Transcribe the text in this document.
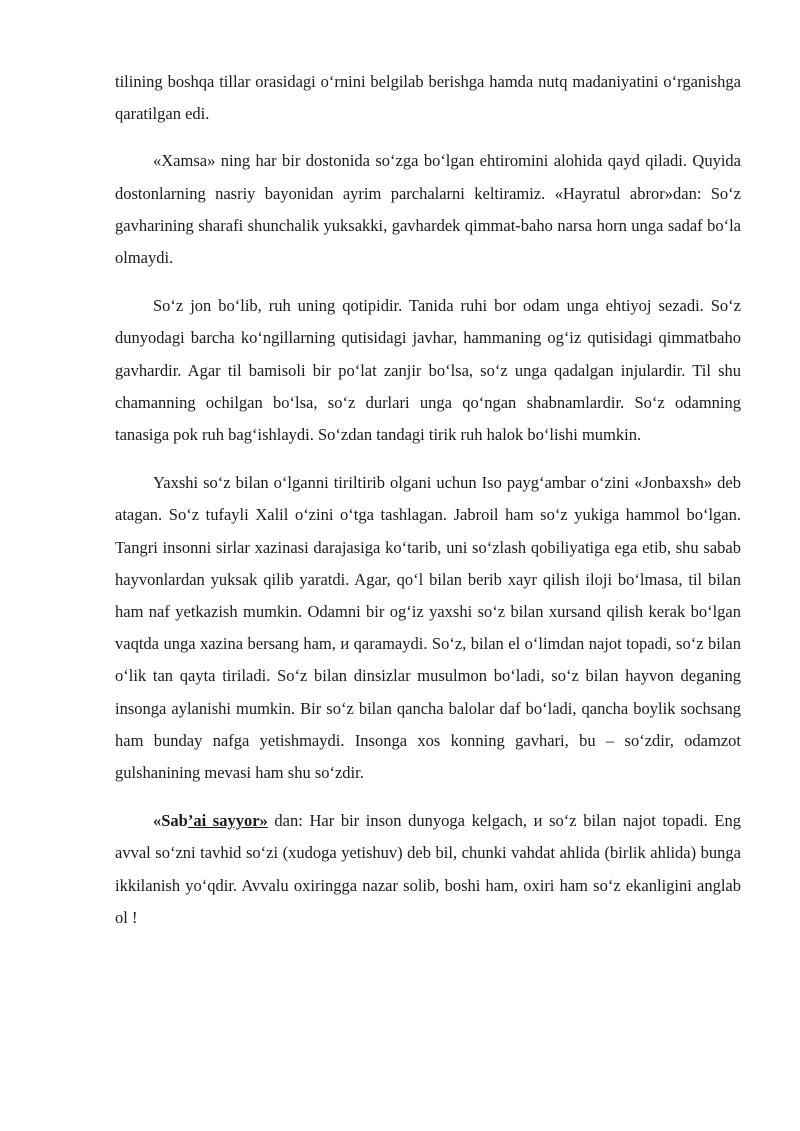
tilining boshqa tillar orasidagi o‘rnini belgilab berishga hamda nutq madaniyatini o‘rganishga qaratilgan edi.

«Xamsa» ning har bir dostonida so‘zga bo‘lgan ehtiromini alohida qayd qiladi. Quyida dostonlarning nasriy bayonidan ayrim parchalarni keltiramiz. «Hayratul abror»dan: So‘z gavharining sharafi shunchalik yuksakki, gavhardek qimmat-baho narsa horn unga sadaf bo‘la olmaydi.

So‘z jon bo‘lib, ruh uning qotipidir. Tanida ruhi bor odam unga ehtiyoj sezadi. So‘z dunyodagi barcha ko‘ngillarning qutisidagi javhar, hammaning og‘iz qutisidagi qimmatbaho gavhardir. Agar til bamisoli bir po‘lat zanjir bo‘lsa, so‘z unga qadalgan injulardir. Til shu chamanning ochilgan bo‘lsa, so‘z durlari unga qo‘ngan shabnamlardir. So‘z odamning tanasiga pok ruh bag‘ishlaydi. So‘zdan tandagi tirik ruh halok bo‘lishi mumkin.

Yaxshi so‘z bilan o‘lganni tiriltirib olgani uchun Iso payg‘ambar o‘zini «Jonbaxsh» deb atagan. So‘z tufayli Xalil o‘zini o‘tga tashlagan. Jabroil ham so‘z yukiga hammol bo‘lgan. Tangri insonni sirlar xazinasi darajasiga ko‘tarib, uni so‘zlash qobiliyatiga ega etib, shu sabab hayvonlardan yuksak qilib yaratdi. Agar, qo‘l bilan berib xayr qilish iloji bo‘lmasa, til bilan ham naf yetkazish mumkin. Odamni bir og‘iz yaxshi so‘z bilan xursand qilish kerak bo‘lgan vaqtda unga xazina bersang ham, и qaramaydi. So‘z, bilan el o‘limdan najot topadi, so‘z bilan o‘lik tan qayta tiriladi. So‘z bilan dinsizlar musulmon bo‘ladi, so‘z bilan hayvon deganing insonga aylanishi mumkin. Bir so‘z bilan qancha balolar daf bo‘ladi, qancha boylik sochsang ham bunday nafga yetishmaydi. Insonga xos konning gavhari, bu – so‘zdir, odamzot gulshanining mevasi ham shu so‘zdir.

«Sab’ai sayyor» dan: Har bir inson dunyoga kelgach, и so‘z bilan najot topadi. Eng avval so‘zni tavhid so‘zi (xudoga yetishuv) deb bil, chunki vahdat ahlida (birlik ahlida) bunga ikkilanish yo‘qdir. Avvalu oxiringga nazar solib, boshi ham, oxiri ham so‘z ekanligini anglab ol !
